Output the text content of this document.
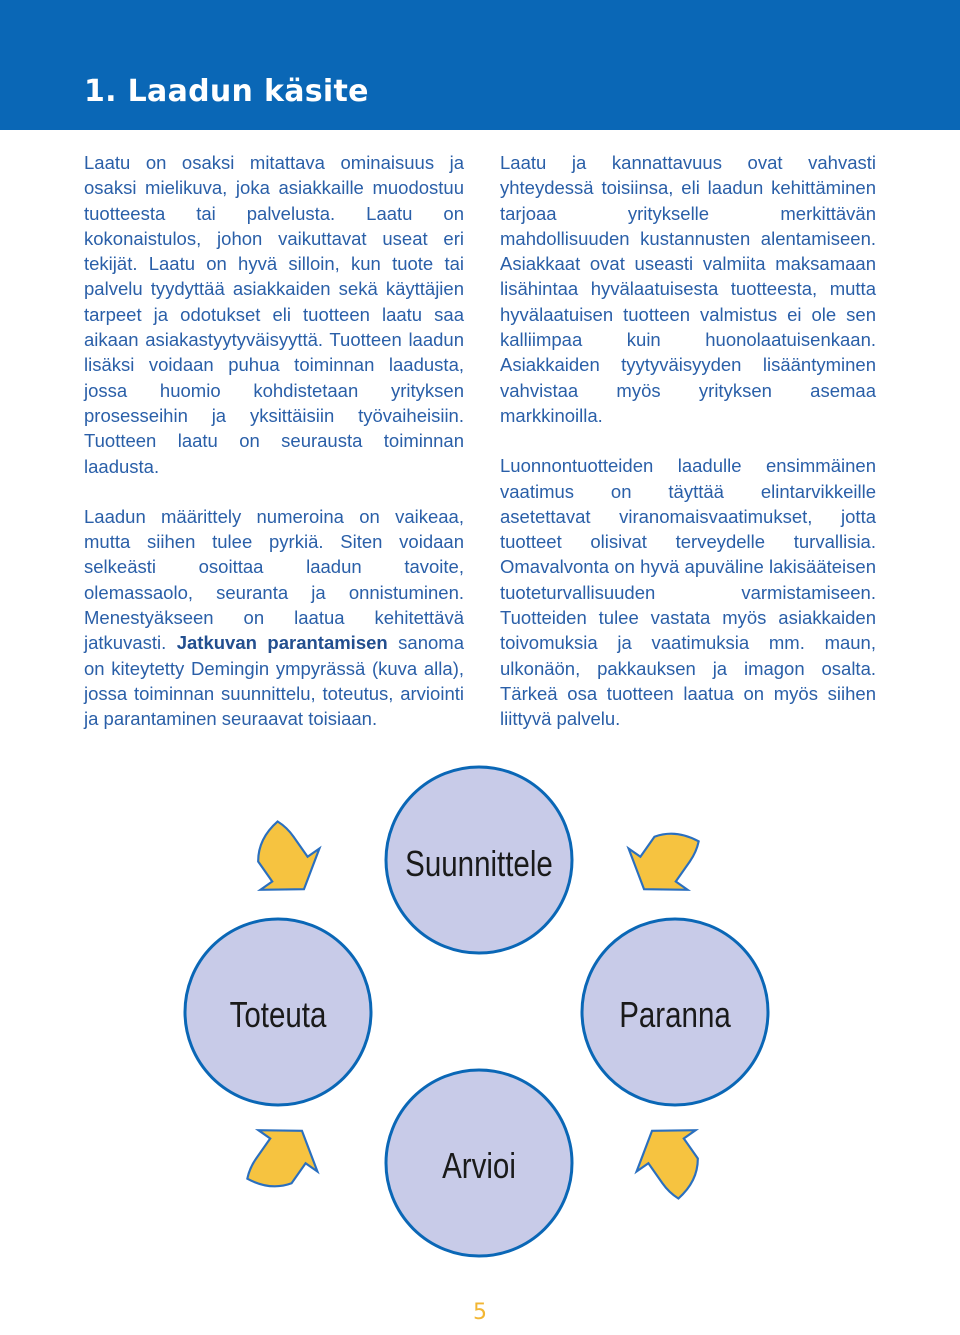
1. Laadun käsite

Laatu on osaksi mitattava ominaisuus ja osaksi mielikuva, joka asiakkaille muodostuu tuotteesta tai palvelusta. Laatu on kokonaistulos, johon vaikuttavat useat eri tekijät. Laatu on hyvä silloin, kun tuote tai palvelu tyydyttää asiakkaiden sekä käyttäjien tarpeet ja odotukset eli tuotteen laatu saa aikaan asiakastyytyväisyyttä. Tuotteen laadun lisäksi voidaan puhua toiminnan laadusta, jossa huomio kohdistetaan yrityksen prosesseihin ja yksittäisiin työvaiheisiin. Tuotteen laatu on seurausta toiminnan laadusta.

Laadun määrittely numeroina on vaikeaa, mutta siihen tulee pyrkiä. Siten voidaan selkeästi osoittaa laadun tavoite, olemassaolo, seuranta ja onnistuminen. Menestyäkseen on laatua kehitettävä jatkuvasti. Jatkuvan parantamisen sanoma on kiteytetty Demingin ympyrässä (kuva alla), jossa toiminnan suunnittelu, toteutus, arviointi ja parantaminen seuraavat toisiaan.

Laatu ja kannattavuus ovat vahvasti yhteydessä toisiinsa, eli laadun kehittäminen tarjoaa yritykselle merkittävän mahdollisuuden kustannusten alentamiseen. Asiakkaat ovat useasti valmiita maksamaan lisähintaa hyvälaatuisesta tuotteesta, mutta hyvälaatuisen tuotteen valmistus ei ole sen kalliimpaa kuin huonolaatuisenkaan. Asiakkaiden tyytyväisyyden lisääntyminen vahvistaa myös yrityksen asemaa markkinoilla.

Luonnontuotteiden laadulle ensimmäinen vaatimus on täyttää elintarvikkeille asetettavat viranomaisvaatimukset, jotta tuotteet olisivat terveydelle turvallisia. Omavalvonta on hyvä apuväline lakisääteisen tuoteturvallisuuden varmistamiseen. Tuotteiden tulee vastata myös asiakkaiden toivomuksia ja vaatimuksia mm. maun, ulkonäön, pakkauksen ja imagon osalta. Tärkeä osa tuotteen laatua on myös siihen liittyvä palvelu.

Suunnittele
Toteuta	Paranna
Arvioi
5
